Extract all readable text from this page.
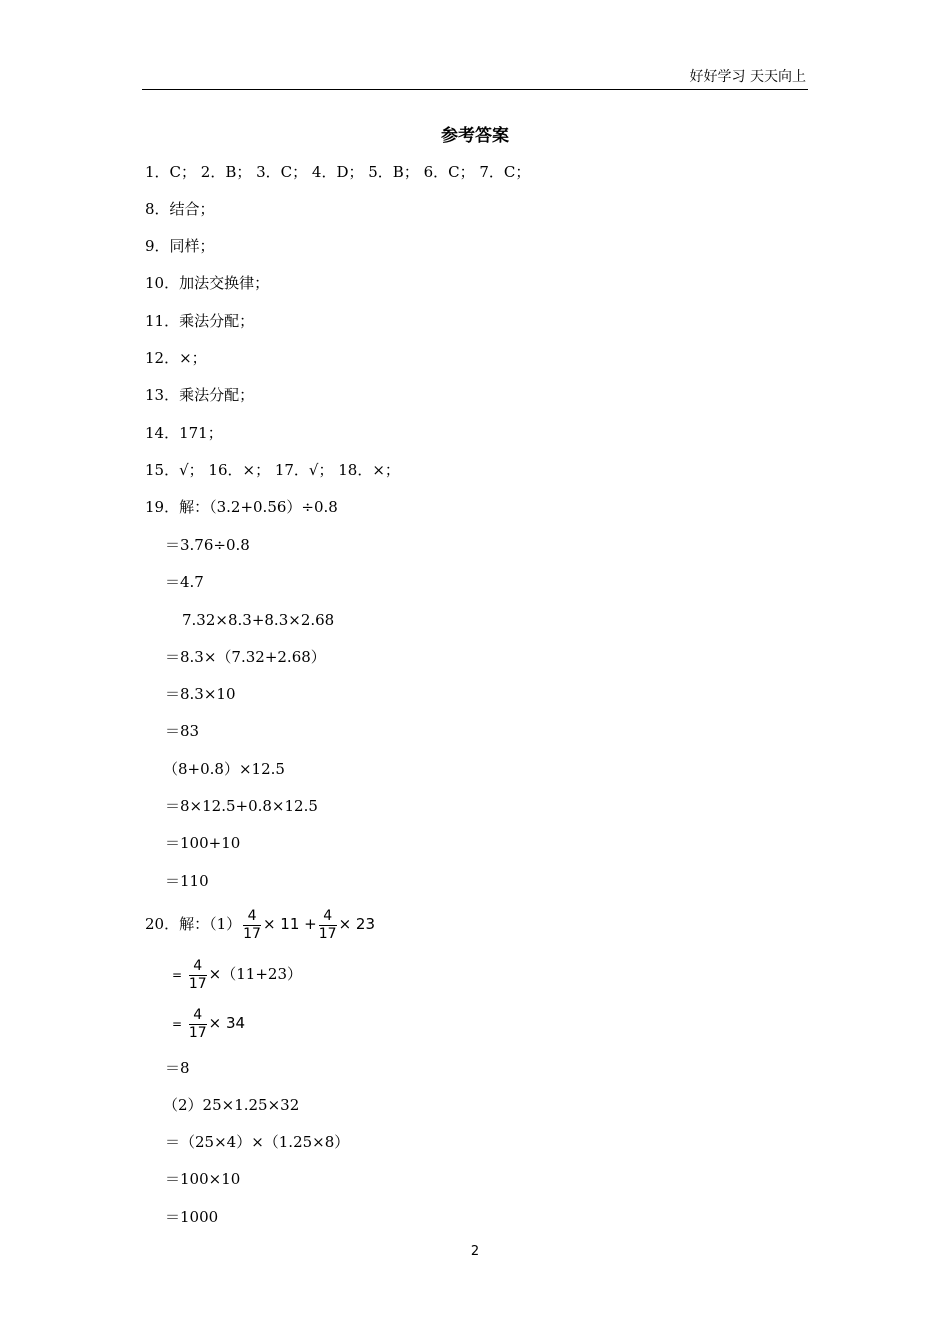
好好学习 天天向上
参考答案
1．C； 2．B； 3．C； 4．D； 5．B； 6．C； 7．C；
8．结合；
9．同样；
10．加法交换律；
11．乘法分配；
12．×；
13．乘法分配；
14．171；
15．√； 16．×； 17．√； 18．×；
19．解：（3.2+0.56）÷0.8
＝3.76÷0.8
＝4.7
7.32×8.3+8.3×2.68
＝8.3×（7.32+2.68）
＝8.3×10
＝83
（8+0.8）×12.5
＝8×12.5+0.8×12.5
＝100+10
＝110
20．解：$(1) \frac{4}{17} \times 11 + \frac{4}{17} \times 23$
= $\frac{4}{17} \times(11+23)$
= $\frac{4}{17} \times 34$
＝8
（2）25×1.25×32
＝（25×4）×（1.25×8）
＝100×10
＝1000
2
